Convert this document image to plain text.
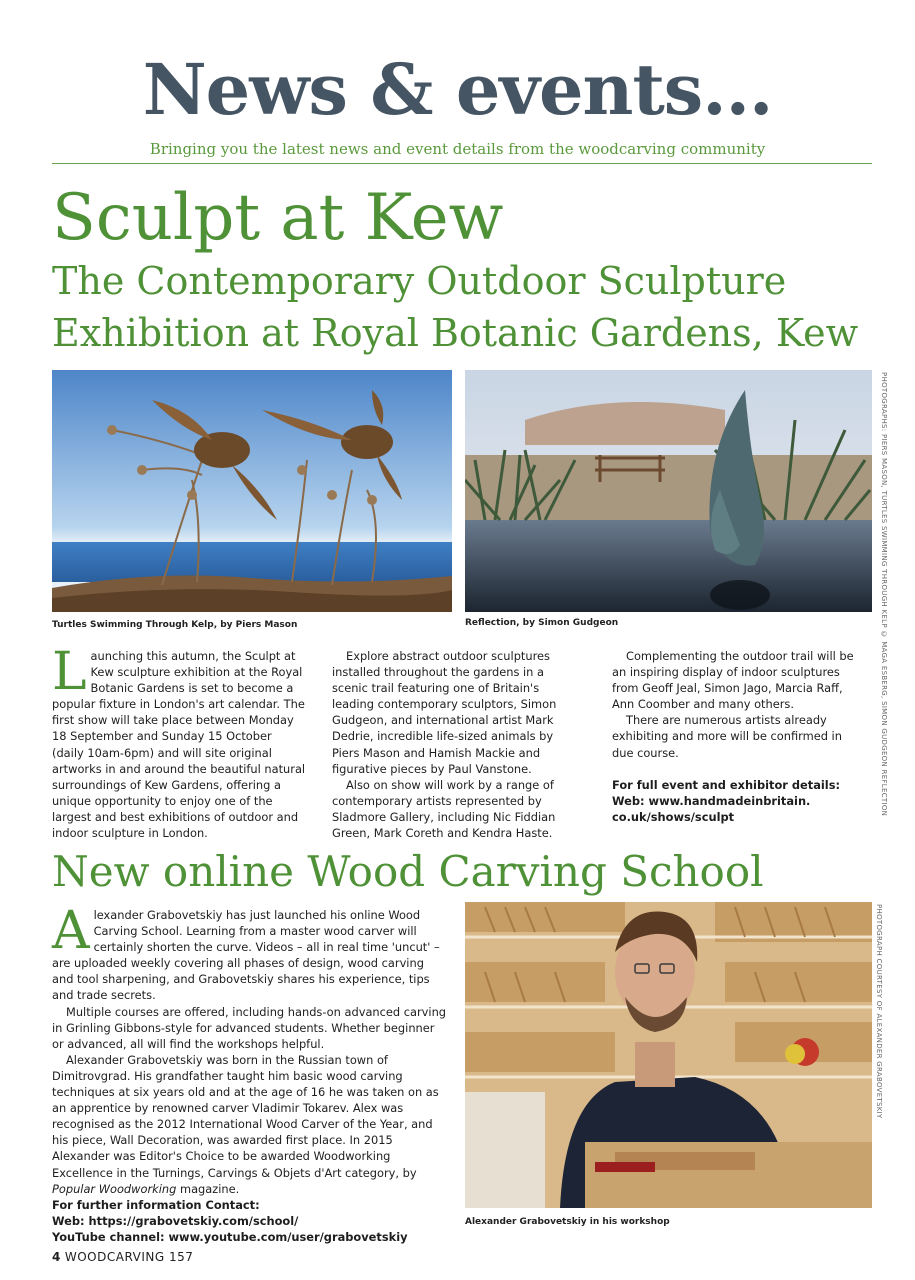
News & events...
Bringing you the latest news and event details from the woodcarving community
Sculpt at Kew
The Contemporary Outdoor Sculpture
Exhibition at Royal Botanic Gardens, Kew
Turtles Swimming Through Kelp, by Piers Mason	Reflection, by Simon Gudgeon	PHOTOGRAPHS: PIERS MASON, TURTLES SWIMMING THROUGH KELP © MAGA ESBERG, SIMON GUDGEON REFLECTION
L aunching this autumn, the Sculpt at Kew sculpture exhibition at the Royal Botanic Gardens is set to become a popular fixture in London's art calendar. The first show will take place between Monday 18 September and Sunday 15 October (daily 10am-6pm) and will site original artworks in and around the beautiful natural surroundings of Kew Gardens, offering a unique opportunity to enjoy one of the largest and best exhibitions of outdoor and indoor sculpture in London.

Explore abstract outdoor sculptures installed throughout the gardens in a scenic trail featuring one of Britain's leading contemporary sculptors, Simon Gudgeon, and international artist Mark Dedrie, incredible life-sized animals by Piers Mason and Hamish Mackie and figurative pieces by Paul Vanstone.

Also on show will work by a range of contemporary artists represented by Sladmore Gallery, including Nic Fiddian Green, Mark Coreth and Kendra Haste.

Complementing the outdoor trail will be an inspiring display of indoor sculptures from Geoff Jeal, Simon Jago, Marcia Raff, Ann Coomber and many others.

There are numerous artists already exhibiting and more will be confirmed in due course.

For full event and exhibitor details:

Web: www.handmadeinbritain.

co.uk/shows/sculpt

New online Wood Carving School
A lexander Grabovetskiy has just launched his online Wood Carving School. Learning from a master wood carver will certainly shorten the curve. Videos – all in real time 'uncut' – are uploaded weekly covering all phases of design, wood carving and tool sharpening, and Grabovetskiy shares his experience, tips and trade secrets.

Multiple courses are offered, including hands-on advanced carving in Grinling Gibbons-style for advanced students. Whether beginner or advanced, all will find the workshops helpful.

Alexander Grabovetskiy was born in the Russian town of Dimitrovgrad. His grandfather taught him basic wood carving techniques at six years old and at the age of 16 he was taken on as an apprentice by renowned carver Vladimir Tokarev. Alex was recognised as the 2012 International Wood Carver of the Year, and his piece, Wall Decoration, was awarded first place. In 2015 Alexander was Editor's Choice to be awarded Woodworking Excellence in the Turnings, Carvings & Objets d'Art category, by Popular Woodworking magazine.

For further information Contact:

Web: https://grabovetskiy.com/school/

YouTube channel: www.youtube.com/user/grabovetskiy

Alexander Grabovetskiy in his workshop
PHOTOGRAPH COURTESY OF ALEXANDER GRABOVETSKIY
4 WOODCARVING 157
